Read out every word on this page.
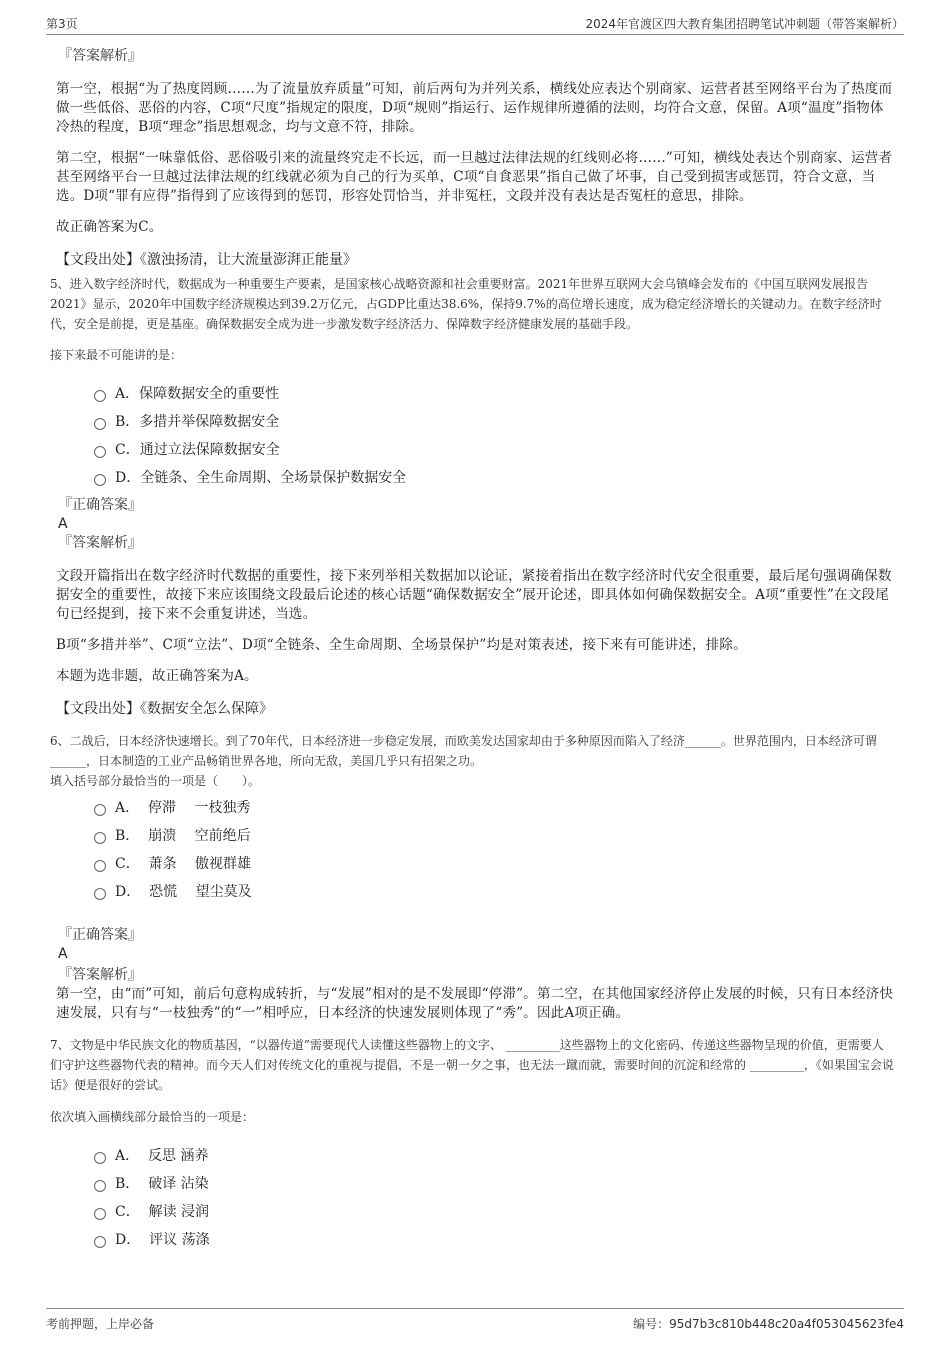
第3页	2024年官渡区四大教育集团招聘笔试冲刺题（带答案解析）
『答案解析』
第一空，根据“为了热度罔顾……为了流量放弃质量”可知，前后两句为并列关系，横线处应表达个别商家、运营者甚至网络平台为了热度而做一些低俗、恶俗的内容，C项“尺度”指规定的限度，D项“规则”指运行、运作规律所遵循的法则，均符合文意，保留。A项“温度”指物体冷热的程度，B项“理念”指思想观念，均与文意不符，排除。
第二空，根据“一味靠低俗、恶俗吸引来的流量终究走不长远，而一旦越过法律法规的红线则必将……”可知，横线处表达个别商家、运营者甚至网络平台一旦越过法律法规的红线就必须为自己的行为买单，C项“自食恶果”指自己做了坏事，自己受到损害或惩罚，符合文意，当选。D项“罪有应得”指得到了应该得到的惩罚，形容处罚恰当，并非冤枉，文段并没有表达是否冤枉的意思，排除。
故正确答案为C。
【文段出处】《激浊扬清，让大流量澎湃正能量》
5、进入数字经济时代，数据成为一种重要生产要素，是国家核心战略资源和社会重要财富。2021年世界互联网大会乌镇峰会发布的《中国互联网发展报告2021》显示，2020年中国数字经济规模达到39.2万亿元，占GDP比重达38.6%，保持9.7%的高位增长速度，成为稳定经济增长的关键动力。在数字经济时代，安全是前提，更是基座。确保数据安全成为进一步激发数字经济活力、保障数字经济健康发展的基础手段。
接下来最不可能讲的是：
A．保障数据安全的重要性
B．多措并举保障数据安全
C．通过立法保障数据安全
D．全链条、全生命周期、全场景保护数据安全
『正确答案』
A
『答案解析』
文段开篇指出在数字经济时代数据的重要性，接下来列举相关数据加以论证，紧接着指出在数字经济时代安全很重要，最后尾句强调确保数据安全的重要性，故接下来应该围绕文段最后论述的核心话题“确保数据安全”展开论述，即具体如何确保数据安全。A项“重要性”在文段尾句已经提到，接下来不会重复讲述，当选。
B项“多措并举”、C项“立法”、D项“全链条、全生命周期、全场景保护”均是对策表述，接下来有可能讲述，排除。
本题为选非题，故正确答案为A。
【文段出处】《数据安全怎么保障》
6、二战后，日本经济快速增长。到了70年代，日本经济进一步稳定发展，而欧美发达国家却由于多种原因而陷入了经济______。世界范围内，日本经济可谓______，日本制造的工业产品畅销世界各地，所向无敌，美国几乎只有招架之功。
填入括号部分最恰当的一项是（　　）。
A．  停滞　 一枝独秀
B．  崩溃　 空前绝后
C．  萧条　 傲视群雄
D．  恐慌　 望尘莫及
『正确答案』
A
『答案解析』
第一空，由“而”可知，前后句意构成转折，与“发展”相对的是不发展即“停滞”。第二空，在其他国家经济停止发展的时候，只有日本经济快速发展，只有与“一枝独秀”的“一”相呼应，日本经济的快速发展则体现了“秀”。因此A项正确。
7、文物是中华民族文化的物质基因，“以器传道”需要现代人读懂这些器物上的文字、 _________这些器物上的文化密码、传递这些器物呈现的价值，更需要人们守护这些器物代表的精神。而今天人们对传统文化的重视与提倡，不是一朝一夕之事，也无法一蹴而就，需要时间的沉淀和经常的 _________，《如果国宝会说话》便是很好的尝试。
依次填入画横线部分最恰当的一项是：
A．  反思 涵养
B．  破译 沾染
C．  解读 浸润
D．  评议 荡涤
考前押题，上岸必备	编号：95d7b3c810b448c20a4f053045623fe4
